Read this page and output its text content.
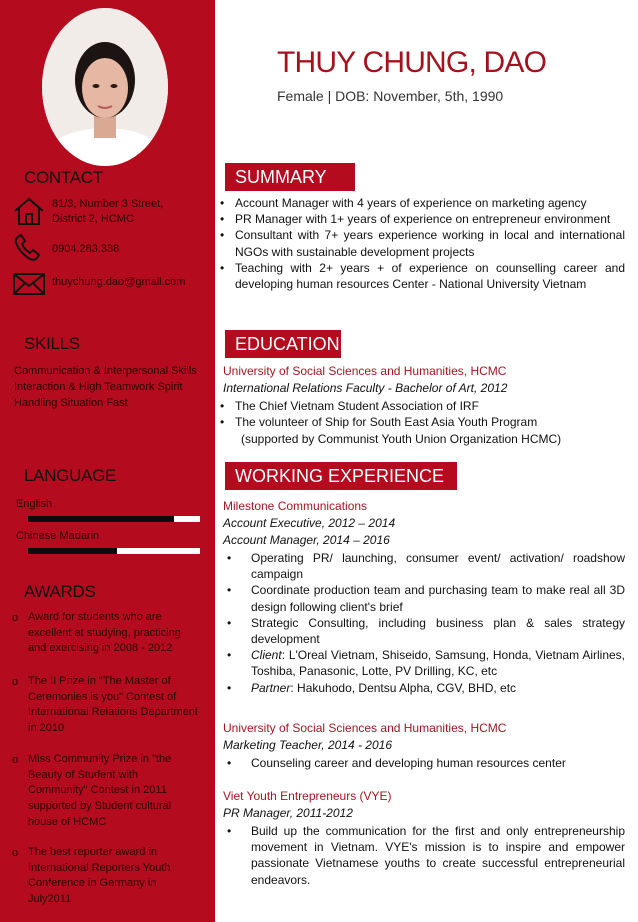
CONTACT
81/3, Number 3 Street,
District 2, HCMC
0904.283.338
thuychung.dao@gmail.com
SKILLS
Communication & Interpersonal Skills
Interaction & High Teamwork Spirit
Handling Situation Fast
LANGUAGE
English
Chinese Madarin
AWARDS
o Award for students who are excellent at studying, practicing and exercising in 2008 - 2012
o The II Prize in "The Master of Ceremonies is you" Contest of International Relations Department in 2010
o Miss Community Prize in "the Beauty of Student with Community" Contest in 2011 supported by Student cultural house of HCMC
o The best reporter award in International Reporters Youth Conference in Germany in July2011
THUY CHUNG, DAO
Female | DOB: November, 5th, 1990
SUMMARY
• Account Manager with 4 years of experience on marketing agency
• PR Manager with 1+ years of experience on entrepreneur environment
• Consultant with 7+ years experience working in local and international NGOs with sustainable development projects
• Teaching with 2+ years + of experience on counselling career and developing human resources Center - National University Vietnam
EDUCATION
University of Social Sciences and Humanities, HCMC
International Relations Faculty - Bachelor of Art, 2012
• The Chief Vietnam Student Association of IRF
• The volunteer of Ship for South East Asia Youth Program
(supported by Communist Youth Union Organization HCMC)
WORKING EXPERIENCE
Milestone Communications
Account Executive, 2012 – 2014
Account Manager, 2014 – 2016
• Operating PR/ launching, consumer event/ activation/ roadshow campaign
• Coordinate production team and purchasing team to make real all 3D design following client's brief
• Strategic Consulting, including business plan & sales strategy development
• Client: L'Oreal Vietnam, Shiseido, Samsung, Honda, Vietnam Airlines, Toshiba, Panasonic, Lotte, PV Drilling, KC, etc
• Partner: Hakuhodo, Dentsu Alpha, CGV, BHD, etc
University of Social Sciences and Humanities, HCMC
Marketing Teacher, 2014 - 2016
• Counseling career and developing human resources center
Viet Youth Entrepreneurs (VYE)
PR Manager, 2011-2012
• Build up the communication for the first and only entrepreneurship movement in Vietnam. VYE's mission is to inspire and empower passionate Vietnamese youths to create successful entrepreneurial endeavors.
